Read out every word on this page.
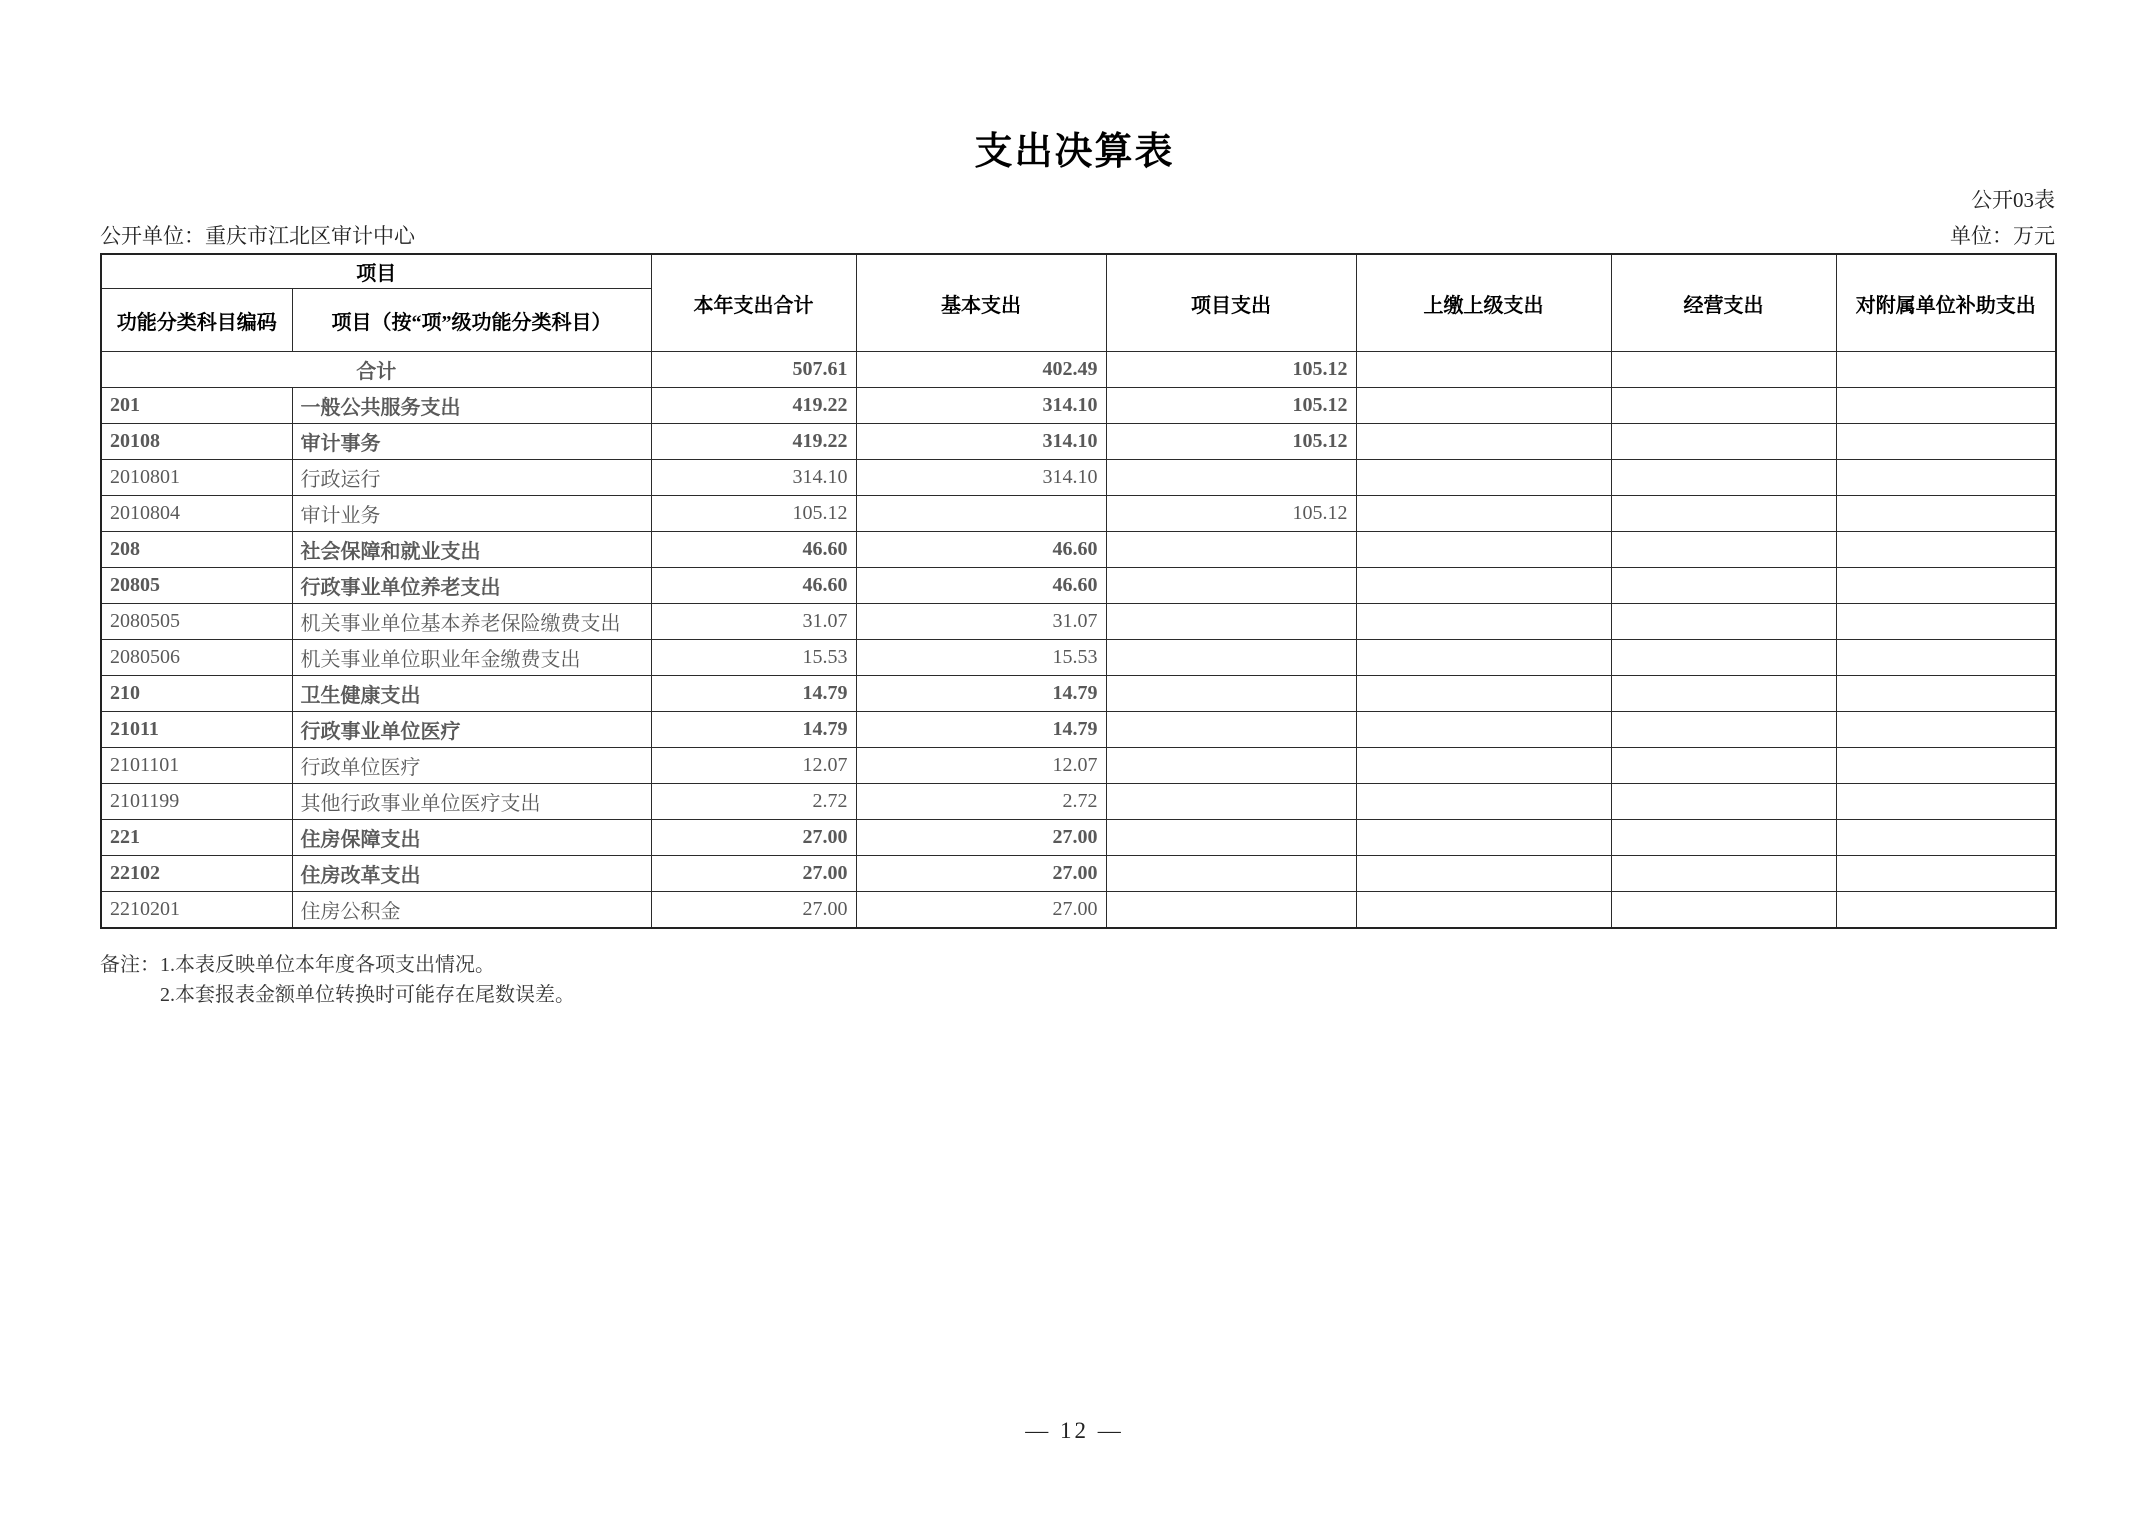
支出决算表
公开03表
公开单位：重庆市江北区审计中心	单位：万元
项目		本年支出合计	基本支出	项目支出	上缴上级支出	经营支出	对附属单位补助支出
功能分类科目编码	项目（按“项”级功能分类科目）						
合计		507.61	402.49	105.12			
201	一般公共服务支出	419.22	314.10	105.12			
20108	审计事务	419.22	314.10	105.12			
2010801	行政运行	314.10	314.10				
2010804	审计业务	105.12		105.12			
208	社会保障和就业支出	46.60	46.60				
20805	行政事业单位养老支出	46.60	46.60				
2080505	机关事业单位基本养老保险缴费支出	31.07	31.07				
2080506	机关事业单位职业年金缴费支出	15.53	15.53				
210	卫生健康支出	14.79	14.79				
21011	行政事业单位医疗	14.79	14.79				
2101101	行政单位医疗	12.07	12.07				
2101199	其他行政事业单位医疗支出	2.72	2.72				
221	住房保障支出	27.00	27.00				
22102	住房改革支出	27.00	27.00				
2210201	住房公积金	27.00	27.00				
备注：1.本表反映单位本年度各项支出情况。
2.本套报表金额单位转换时可能存在尾数误差。
— 12 —
